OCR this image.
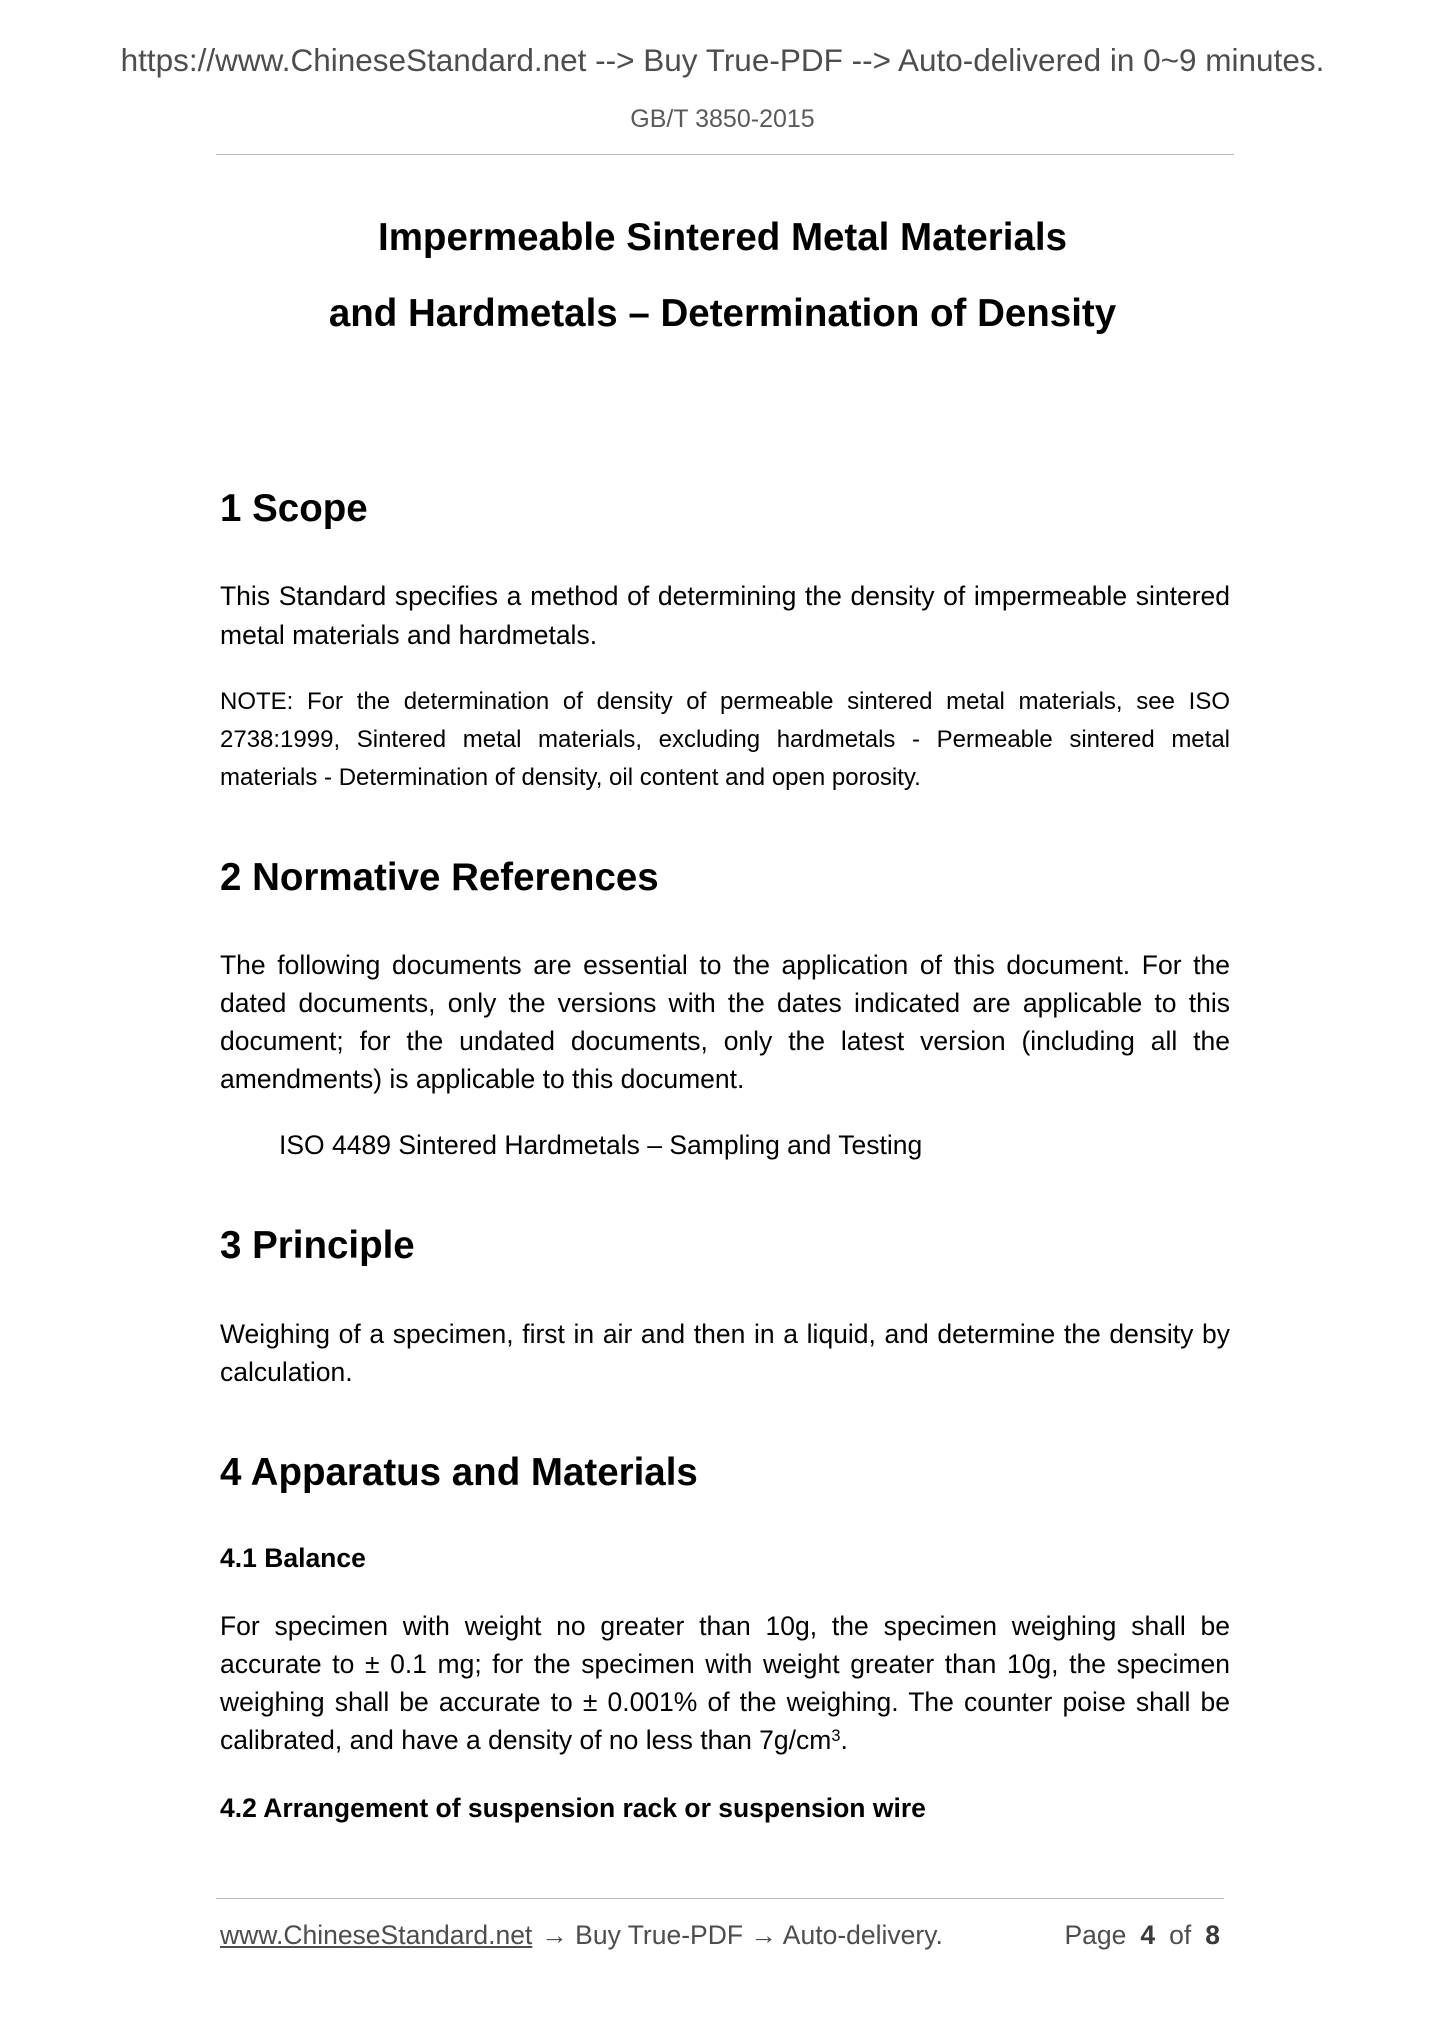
https://www.ChineseStandard.net --> Buy True-PDF --> Auto-delivered in 0~9 minutes.
GB/T 3850-2015
Impermeable Sintered Metal Materials
and Hardmetals – Determination of Density
1 Scope
This Standard specifies a method of determining the density of impermeable sintered
metal materials and hardmetals.
NOTE: For the determination of density of permeable sintered metal materials, see ISO
2738:1999, Sintered metal materials, excluding hardmetals - Permeable sintered metal
materials - Determination of density, oil content and open porosity.
2 Normative References
The following documents are essential to the application of this document. For the
dated documents, only the versions with the dates indicated are applicable to this
document; for the undated documents, only the latest version (including all the
amendments) is applicable to this document.
ISO 4489 Sintered Hardmetals – Sampling and Testing
3 Principle
Weighing of a specimen, first in air and then in a liquid, and determine the density by
calculation.
4 Apparatus and Materials
4.1 Balance
For specimen with weight no greater than 10g, the specimen weighing shall be
accurate to ± 0.1 mg; for the specimen with weight greater than 10g, the specimen
weighing shall be accurate to ± 0.001% of the weighing. The counter poise shall be
calibrated, and have a density of no less than $7g/cm^3$.
4.2 Arrangement of suspension rack or suspension wire
www.ChineseStandard.net → Buy True-PDF → Auto-delivery.	Page 4 of 8
